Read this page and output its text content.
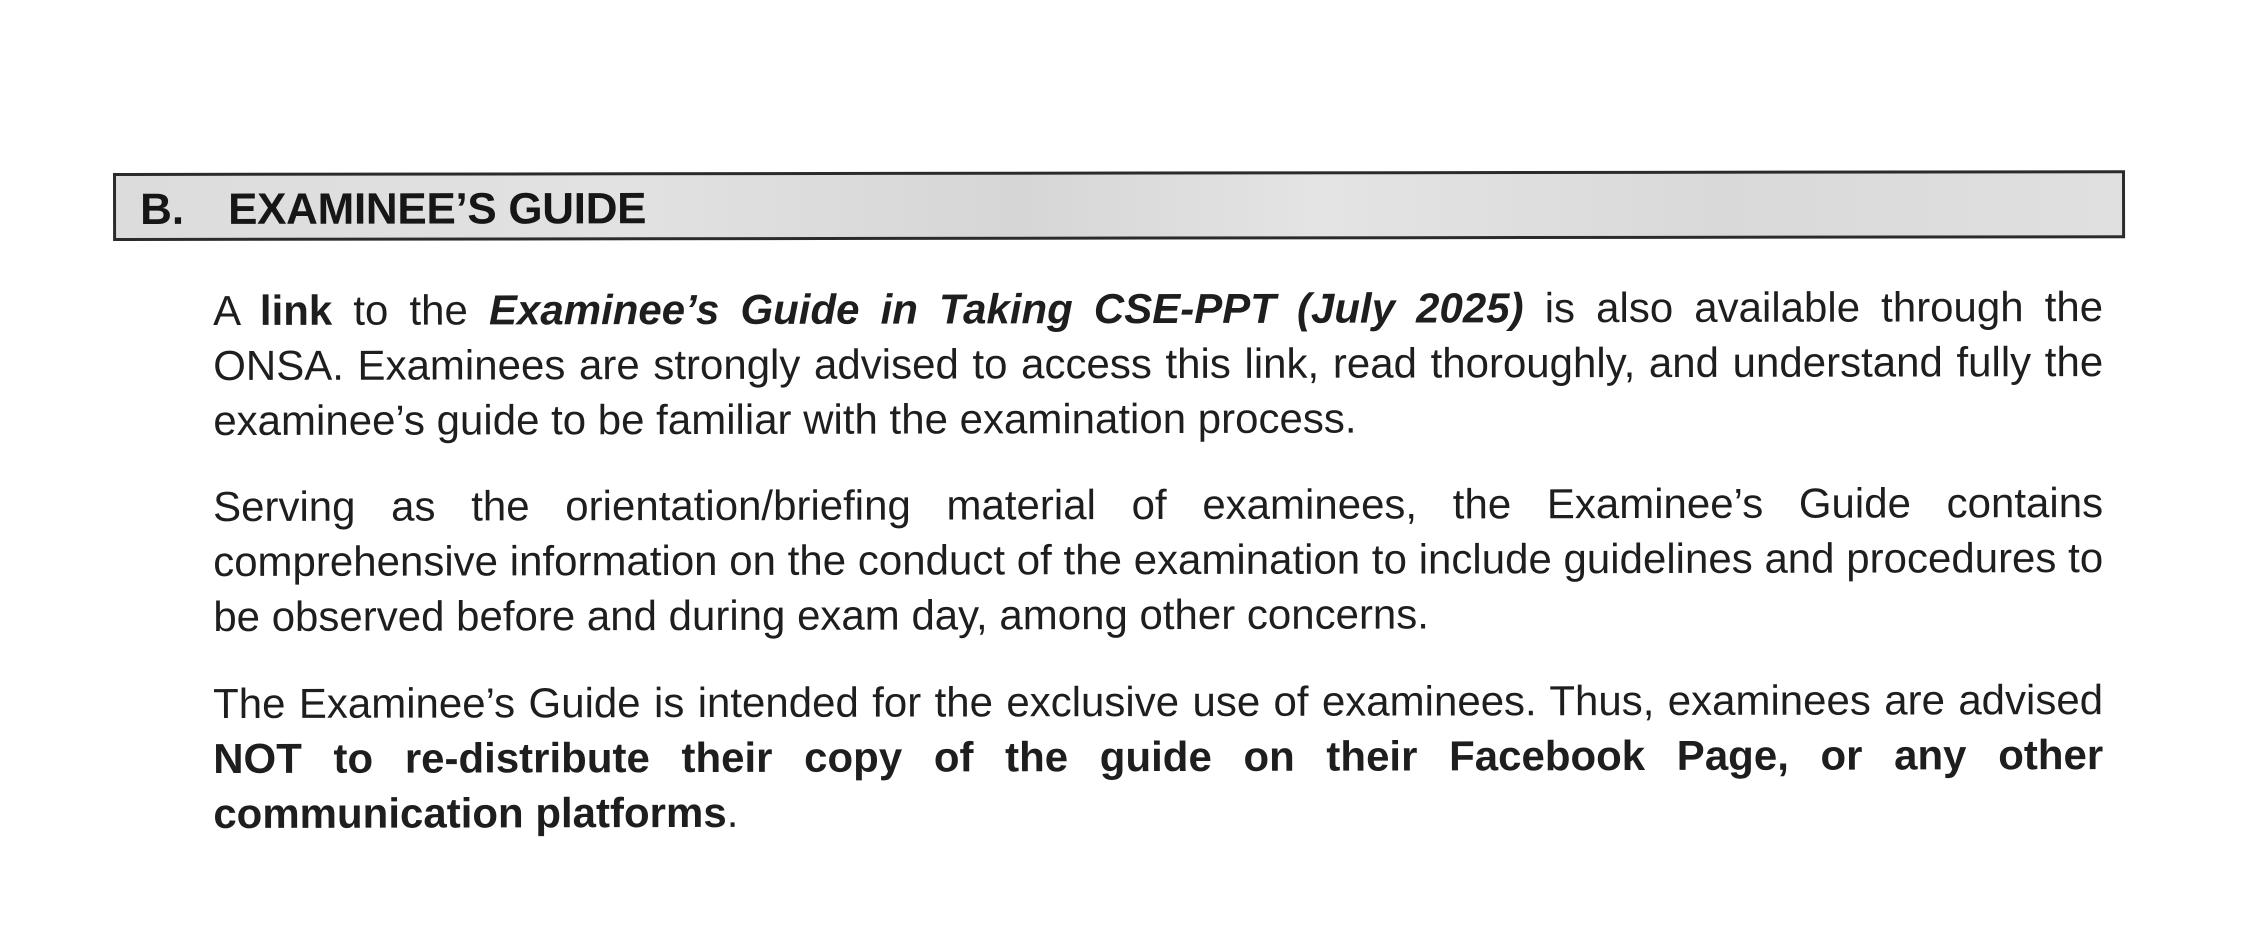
B. EXAMINEE’S GUIDE

A link to the Examinee’s Guide in Taking CSE-PPT (July 2025) is also available through the ONSA. Examinees are strongly advised to access this link, read thoroughly, and understand fully the examinee’s guide to be familiar with the examination process.

Serving as the orientation/briefing material of examinees, the Examinee’s Guide contains comprehensive information on the conduct of the examination to include guidelines and procedures to be observed before and during exam day, among other concerns.

The Examinee’s Guide is intended for the exclusive use of examinees. Thus, examinees are advised NOT to re-distribute their copy of the guide on their Facebook Page, or any other communication platforms.
